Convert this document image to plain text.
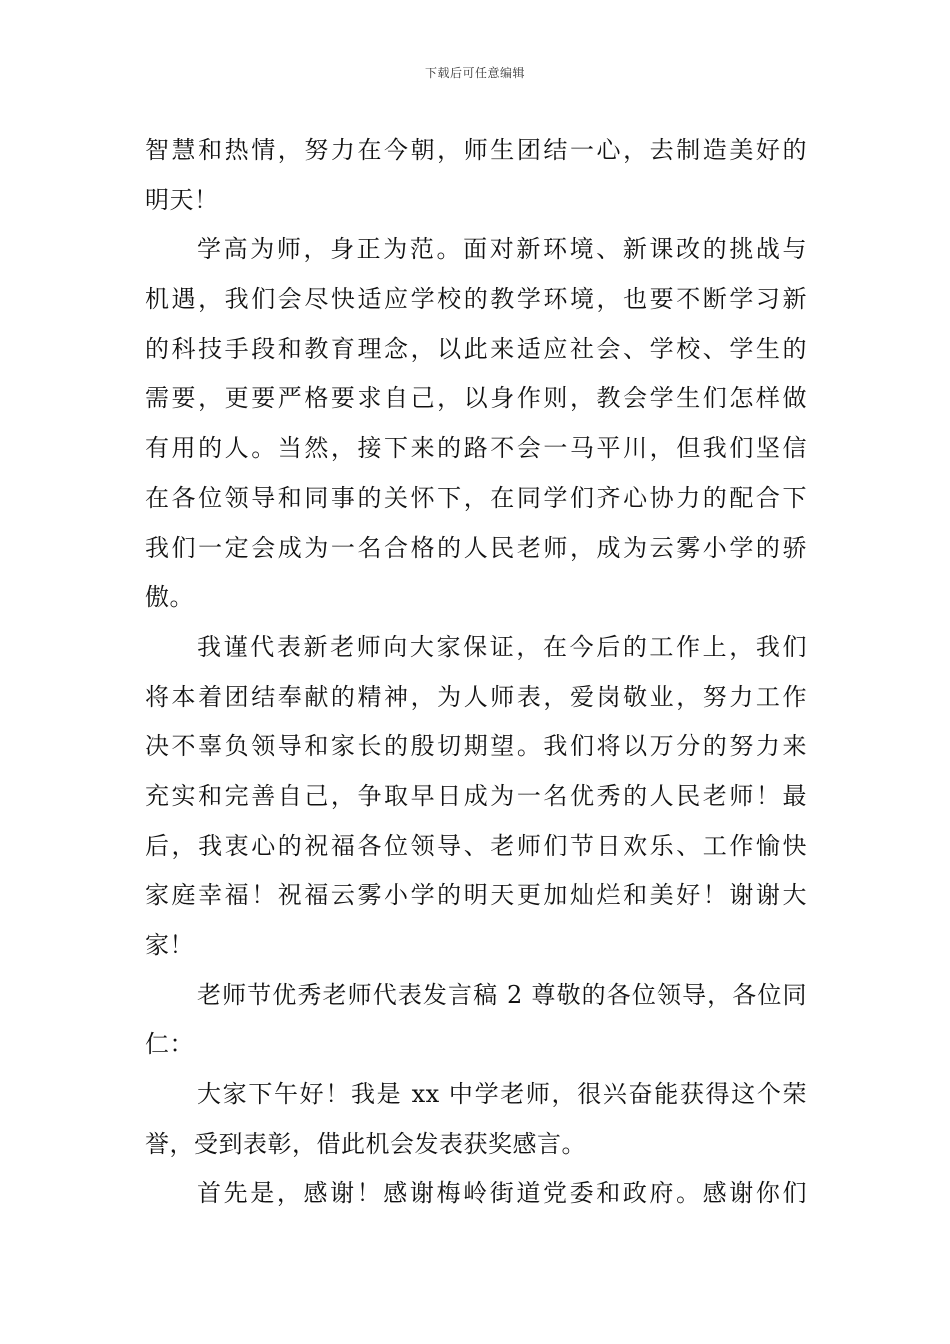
下载后可任意编辑
智慧和热情，努力在今朝，师生团结一心，去制造美好的
明天！
学高为师，身正为范。面对新环境、新课改的挑战与
机遇，我们会尽快适应学校的教学环境，也要不断学习新
的科技手段和教育理念，以此来适应社会、学校、学生的
需要，更要严格要求自己，以身作则，教会学生们怎样做
有用的人。当然，接下来的路不会一马平川，但我们坚信
在各位领导和同事的关怀下，在同学们齐心协力的配合下
我们一定会成为一名合格的人民老师，成为云雾小学的骄
傲。
我谨代表新老师向大家保证，在今后的工作上，我们
将本着团结奉献的精神，为人师表，爱岗敬业，努力工作
决不辜负领导和家长的殷切期望。我们将以万分的努力来
充实和完善自己，争取早日成为一名优秀的人民老师！最
后，我衷心的祝福各位领导、老师们节日欢乐、工作愉快
家庭幸福！祝福云雾小学的明天更加灿烂和美好！谢谢大
家！
老师节优秀老师代表发言稿 2 尊敬的各位领导，各位同
仁：
大家下午好！我是 xx 中学老师，很兴奋能获得这个荣
誉，受到表彰，借此机会发表获奖感言。
首先是，感谢！感谢梅岭街道党委和政府。感谢你们
